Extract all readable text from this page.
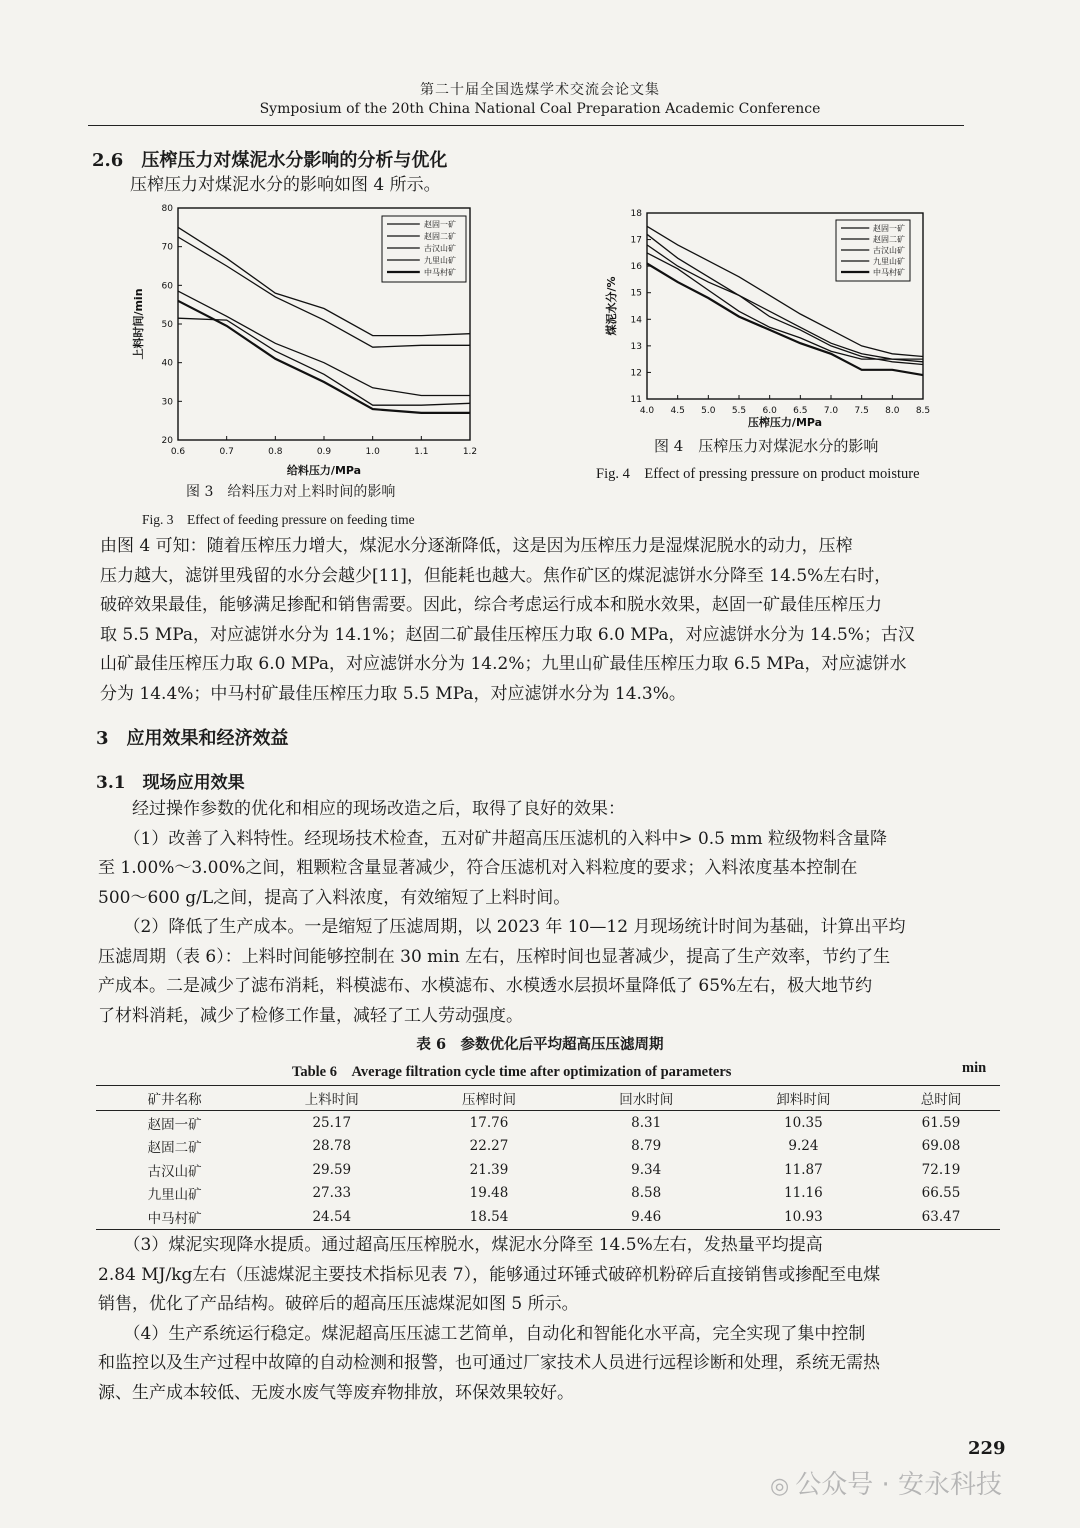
第二十届全国选煤学术交流会论文集
Symposium of the 20th China National Coal Preparation Academic Conference
2.6　压榨压力对煤泥水分影响的分析与优化
压榨压力对煤泥水分的影响如图 4 所示。
0.6	0.7	0.8	0.9	1.0	1.1	1.2
20
30
40
50
60
70
80
给料压力/MPa
上料时间/min
赵固一矿
赵固二矿
古汉山矿
九里山矿
中马村矿
图 3　给料压力对上料时间的影响
Fig. 3　Effect of feeding pressure on feeding time
4.0 4.5 5.0 5.5 6.0 6.5 7.0 7.5 8.0 8.5
11
12
13
14
15
16
17
18
压榨压力/MPa
煤泥水分/%
赵固一矿
赵固二矿
古汉山矿
九里山矿
中马村矿
图 4　压榨压力对煤泥水分的影响
Fig. 4　Effect of pressing pressure on product moisture
由图 4 可知：随着压榨压力增大，煤泥水分逐渐降低，这是因为压榨压力是湿煤泥脱水的动力，压榨
压力越大，滤饼里残留的水分会越少[11]，但能耗也越大。焦作矿区的煤泥滤饼水分降至 14.5%左右时，
破碎效果最佳，能够满足掺配和销售需要。因此，综合考虑运行成本和脱水效果，赵固一矿最佳压榨压力
取 5.5 MPa，对应滤饼水分为 14.1%；赵固二矿最佳压榨压力取 6.0 MPa，对应滤饼水分为 14.5%；古汉
山矿最佳压榨压力取 6.0 MPa，对应滤饼水分为 14.2%；九里山矿最佳压榨压力取 6.5 MPa，对应滤饼水
分为 14.4%；中马村矿最佳压榨压力取 5.5 MPa，对应滤饼水分为 14.3%。
3　应用效果和经济效益
3.1　现场应用效果
　　经过操作参数的优化和相应的现场改造之后，取得了良好的效果：
　　（1）改善了入料特性。经现场技术检查，五对矿井超高压压滤机的入料中> 0.5 mm 粒级物料含量降
至 1.00%～3.00%之间，粗颗粒含量显著减少，符合压滤机对入料粒度的要求；入料浓度基本控制在
500～600 g/L之间，提高了入料浓度，有效缩短了上料时间。
　　（2）降低了生产成本。一是缩短了压滤周期，以 2023 年 10—12 月现场统计时间为基础，计算出平均
压滤周期（表 6）：上料时间能够控制在 30 min 左右，压榨时间也显著减少，提高了生产效率，节约了生
产成本。二是减少了滤布消耗，料模滤布、水模滤布、水模透水层损坏量降低了 65%左右，极大地节约
了材料消耗，减少了检修工作量，减轻了工人劳动强度。
表 6　参数优化后平均超高压压滤周期
Table 6　Average filtration cycle time after optimization of parameters	min
矿井名称	上料时间	压榨时间	回水时间	卸料时间	总时间
赵固一矿	25.17	17.76	8.31	10.35	61.59
赵固二矿	28.78	22.27	8.79	9.24	69.08
古汉山矿	29.59	21.39	9.34	11.87	72.19
九里山矿	27.33	19.48	8.58	11.16	66.55
中马村矿	24.54	18.54	9.46	10.93	63.47
　　（3）煤泥实现降水提质。通过超高压压榨脱水，煤泥水分降至 14.5%左右，发热量平均提高
2.84 MJ/kg左右（压滤煤泥主要技术指标见表 7），能够通过环锤式破碎机粉碎后直接销售或掺配至电煤
销售，优化了产品结构。破碎后的超高压压滤煤泥如图 5 所示。
　　（4）生产系统运行稳定。煤泥超高压压滤工艺简单，自动化和智能化水平高，完全实现了集中控制
和监控以及生产过程中故障的自动检测和报警，也可通过厂家技术人员进行远程诊断和处理，系统无需热
源、生产成本较低、无废水废气等废弃物排放，环保效果较好。
229
◎ 公众号 · 安永科技
